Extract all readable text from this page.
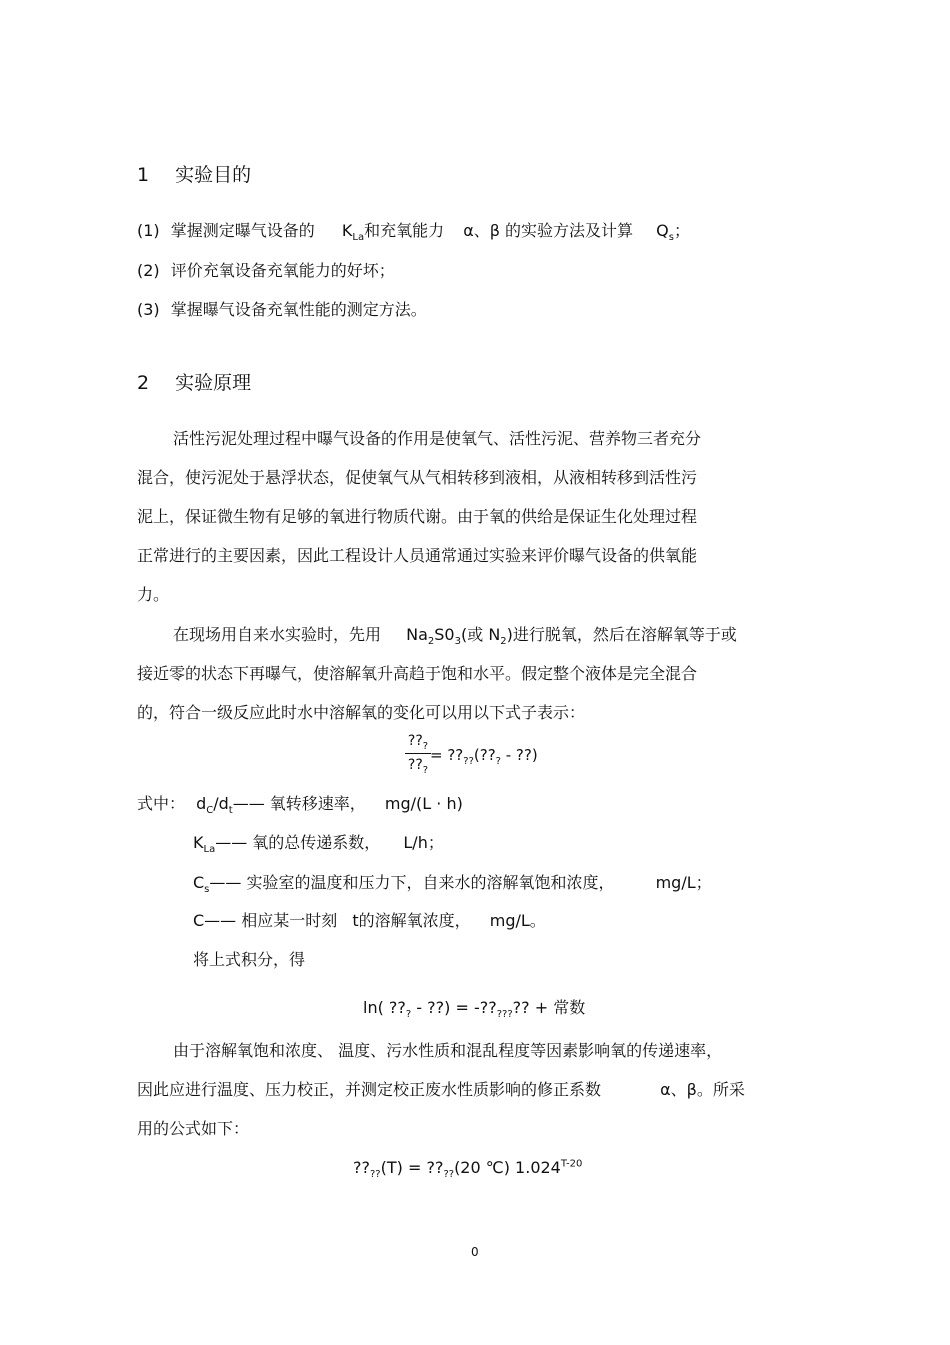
1 实验目的
(1) 掌握测定曝气设备的 $K_{La}$和充氧能力 α、β 的实验方法及计算 $Q_s$；
(2) 评价充氧设备充氧能力的好坏；
(3) 掌握曝气设备充氧性能的测定方法。
2 实验原理
活性污泥处理过程中曝气设备的作用是使氧气、活性污泥、营养物三者充分
混合，使污泥处于悬浮状态，促使氧气从气相转移到液相，从液相转移到活性污
泥上，保证微生物有足够的氧进行物质代谢。由于氧的供给是保证生化处理过程
正常进行的主要因素，因此工程设计人员通常通过实验来评价曝气设备的供氧能
力。
在现场用自来水实验时，先用 $Na_2S0_3$(或 $N_2$)进行脱氧，然后在溶解氧等于或
接近零的状态下再曝气，使溶解氧升高趋于饱和水平。假定整个液体是完全混合
的，符合一级反应此时水中溶解氧的变化可以用以下式子表示：
$??_?$
$??_?$
= $??_{??}(??_?$ - ??)
式中： $d_C/d_t——$ 氧转移速率， mg/(L · h)
$K_{La}——$ 氧的总传递系数， L/h；
$C_s——$ 实验室的温度和压力下，自来水的溶解氧饱和浓度，	mg/L；
C—— 相应某一时刻 t的溶解氧浓度， mg/L。
将上式积分，得
ln( $??_?$ - ??) = $-??_{???}$?? + 常数
由于溶解氧饱和浓度、 温度、污水性质和混乱程度等因素影响氧的传递速率，
因此应进行温度、压力校正，并测定校正废水性质影响的修正系数	α、β。所采
用的公式如下：
$??_{??}(T)$ = $??_{??}(20$ ℃) $1.024^{T-20}$
0
